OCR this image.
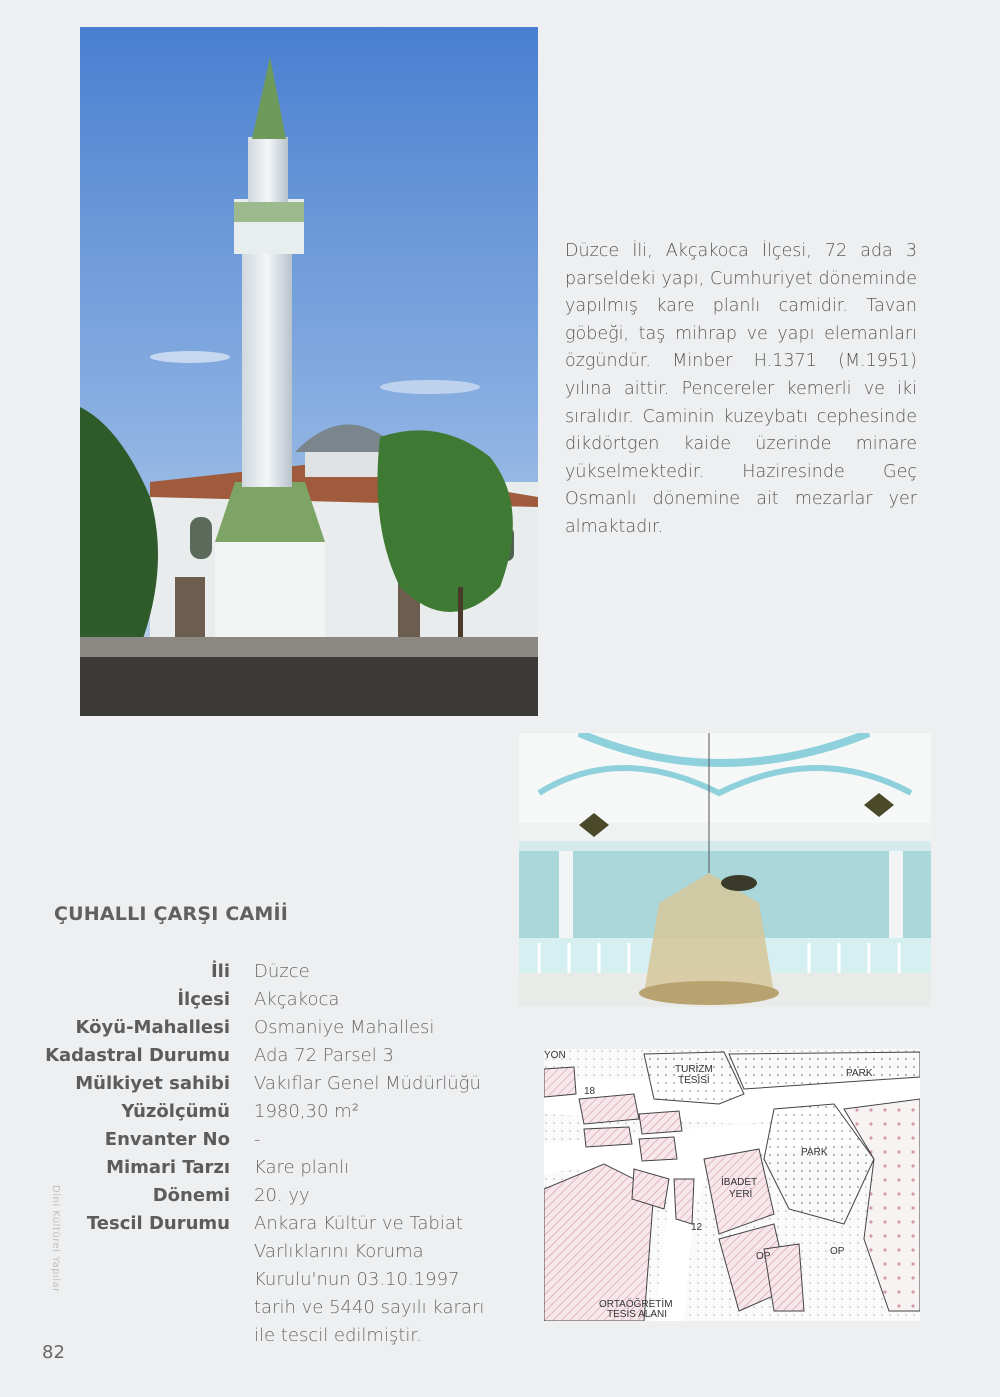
Düzce İli, Akçakoca İlçesi, 72 ada 3 parseldeki yapı, Cumhuriyet döneminde yapılmış kare planlı camidir. Tavan göbeği, taş mihrap ve yapı elemanları özgündür. Minber H.1371 (M.1951) yılına aittir. Pencereler kemerli ve iki sıralıdır. Caminin kuzeybatı cephesinde dikdörtgen kaide üzerinde minare yükselmektedir. Haziresinde Geç Osmanlı dönemine ait mezarlar yer almaktadır.

ÇUHALLI ÇARŞI CAMİİ
İli Düzce
İlçesi Akçakoca
Köyü-Mahallesi Osmaniye Mahallesi
Kadastral Durumu Ada 72 Parsel 3
Mülkiyet sahibi Vakıflar Genel Müdürlüğü
Yüzölçümü 1980,30 m²
Envanter No -
Mimari Tarzı Kare planlı
Dönemi 20. yy
Tescil Durumu Ankara Kültür ve Tabiat Varlıklarını Koruma Kurulu'nun 03.10.1997 tarih ve 5440 sayılı kararı ile tescil edilmiştir.
Dini Kültürel Yapılar
82
YON
TURİZM
TESİSİ
PARK
PARK
18
İBADET
YERİ
12
OP	OP
ORTAÖĞRETİM
TESİS ALANI
